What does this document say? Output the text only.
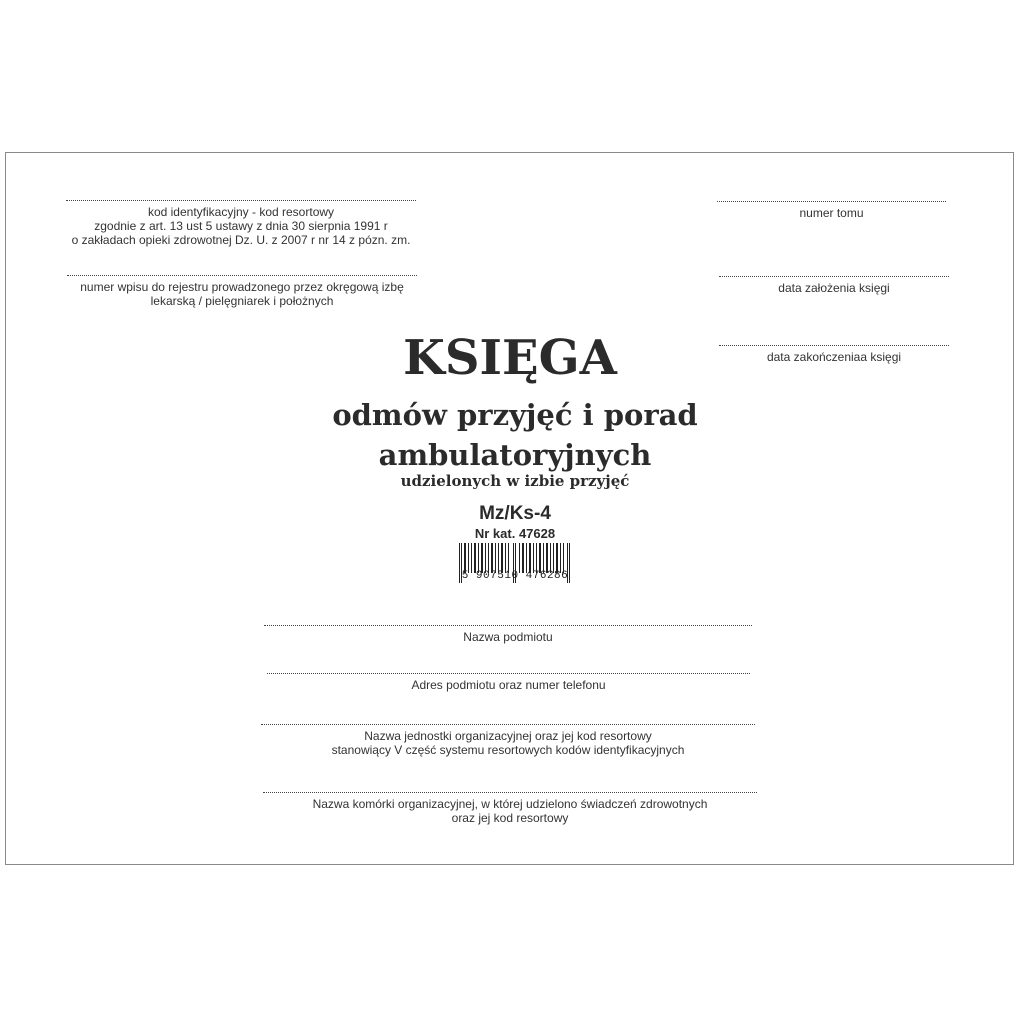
kod identyfikacyjny - kod resortowy
zgodnie z art. 13 ust 5 ustawy z dnia 30 sierpnia 1991 r
o zakładach opieki zdrowotnej Dz. U. z 2007 r nr 14 z pózn. zm.
numer wpisu do rejestru prowadzonego przez okręgową izbę
lekarską / pielęgniarek i położnych
numer tomu
data założenia księgi
data zakończeniaa księgi
KSIĘGA
odmów przyjęć i porad
ambulatoryjnych
udzielonych w izbie przyjęć
Mz/Ks-4
Nr kat. 47628
5 907510 476286
Nazwa podmiotu
Adres podmiotu oraz numer telefonu
Nazwa jednostki organizacyjnej oraz jej kod resortowy
stanowiący V część systemu resortowych kodów identyfikacyjnych
Nazwa komórki organizacyjnej, w której udzielono świadczeń zdrowotnych
oraz jej kod resortowy
